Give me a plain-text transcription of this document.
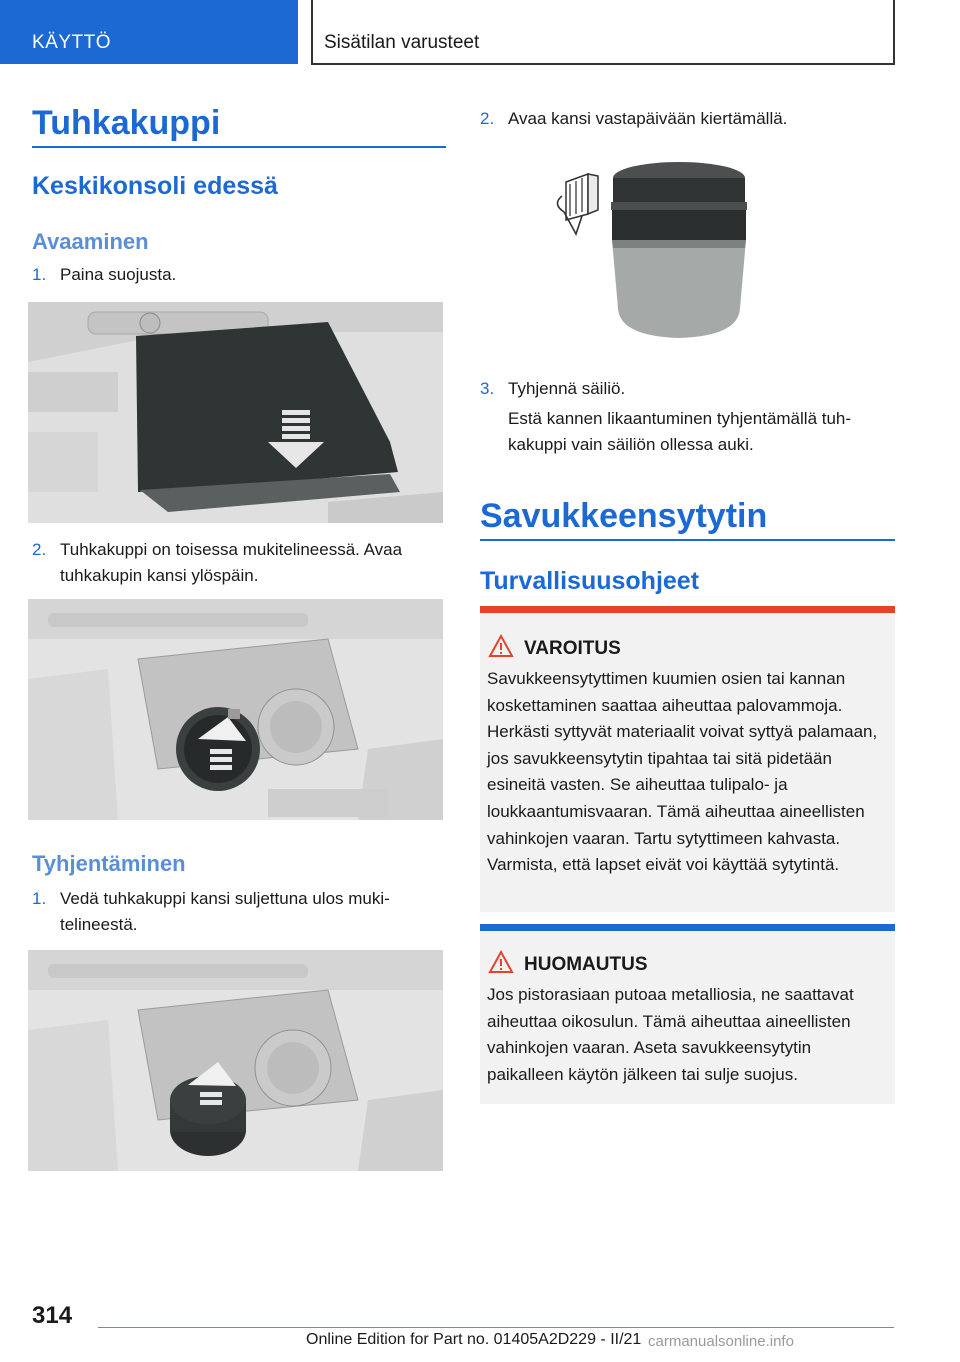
KÄYTTÖ	Sisätilan varusteet
Tuhkakuppi
Keskikonsoli edessä
Avaaminen
1. Paina suojusta.
2. Tuhkakuppi on toisessa mukitelineessä. Avaa tuhkakupin kansi ylöspäin.
Tyhjentäminen
1. Vedä tuhkakuppi kansi suljettuna ulos mukitelineestä.
2. Avaa kansi vastapäivään kiertämällä.
3. Tyhjennä säiliö.
Estä kannen likaantuminen tyhjentämällä tuhkakuppi vain säiliön ollessa auki.
Savukkeensytytin
Turvallisuusohjeet
VAROITUS
Savukkeensytyttimen kuumien osien tai kannan koskettaminen saattaa aiheuttaa palovammoja. Herkästi syttyvät materiaalit voivat syttyä palamaan, jos savukkeensytytin tipahtaa tai sitä pidetään esineitä vasten. Se aiheuttaa tulipalo- ja loukkaantumisvaaran. Tämä aiheuttaa aineellisten vahinkojen vaaran. Tartu sytyttimeen kahvasta. Varmista, että lapset eivät voi käyttää sytytintä.
HUOMAUTUS
Jos pistorasiaan putoaa metalliosia, ne saattavat aiheuttaa oikosulun. Tämä aiheuttaa aineellisten vahinkojen vaaran. Aseta savukkeensytytin paikalleen käytön jälkeen tai sulje suojus.
314
Online Edition for Part no. 01405A2D229 - II/21 carmanualsonline.info
